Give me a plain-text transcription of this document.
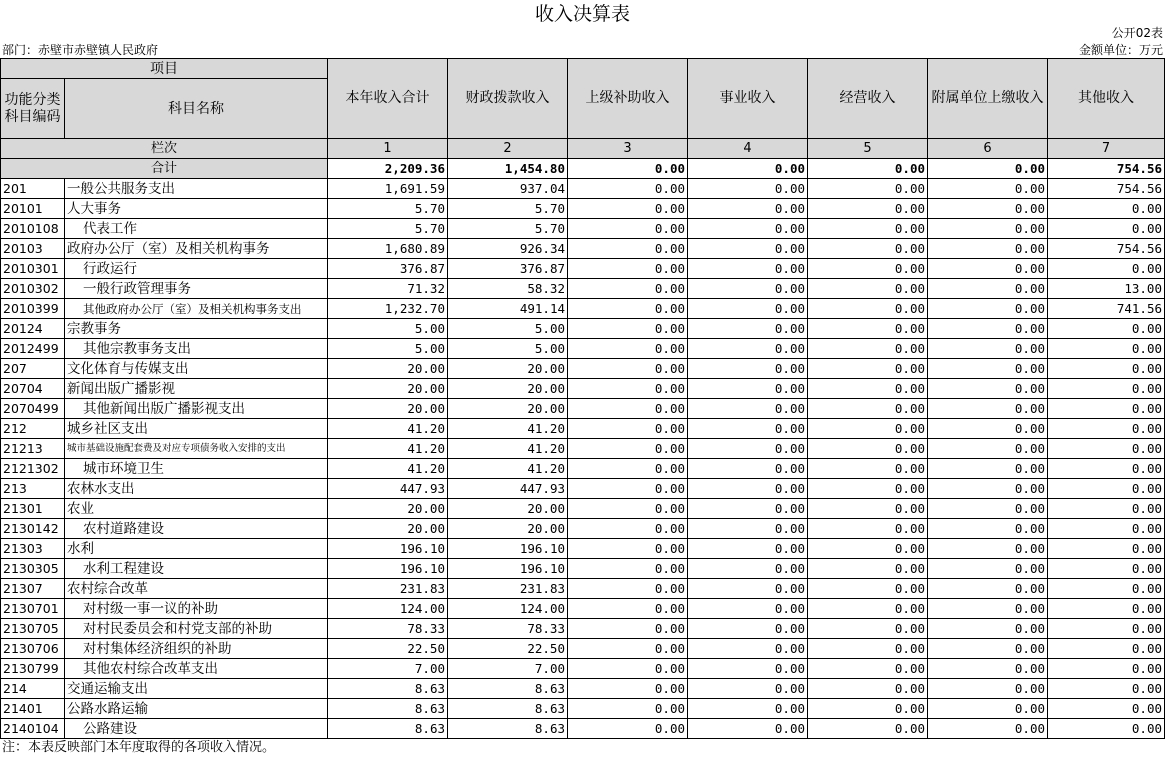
收入决算表
公开02表
部门：赤壁市赤壁镇人民政府	金额单位：万元
项目		本年收入合计	财政拨款收入	上级补助收入	事业收入	经营收入	附属单位上缴收入	其他收入
功能分类科目编码	科目名称							

栏次		1	2	3	4	5	6	7
合计		2,209.36	1,454.80	0.00	0.00	0.00	0.00	754.56
201	一般公共服务支出	1,691.59	937.04	0.00	0.00	0.00	0.00	754.56
20101	人大事务	5.70	5.70	0.00	0.00	0.00	0.00	0.00
2010108	代表工作	5.70	5.70	0.00	0.00	0.00	0.00	0.00
20103	政府办公厅（室）及相关机构事务	1,680.89	926.34	0.00	0.00	0.00	0.00	754.56
2010301	行政运行	376.87	376.87	0.00	0.00	0.00	0.00	0.00
2010302	一般行政管理事务	71.32	58.32	0.00	0.00	0.00	0.00	13.00
2010399	其他政府办公厅（室）及相关机构事务支出	1,232.70	491.14	0.00	0.00	0.00	0.00	741.56
20124	宗教事务	5.00	5.00	0.00	0.00	0.00	0.00	0.00
2012499	其他宗教事务支出	5.00	5.00	0.00	0.00	0.00	0.00	0.00
207	文化体育与传媒支出	20.00	20.00	0.00	0.00	0.00	0.00	0.00
20704	新闻出版广播影视	20.00	20.00	0.00	0.00	0.00	0.00	0.00
2070499	其他新闻出版广播影视支出	20.00	20.00	0.00	0.00	0.00	0.00	0.00
212	城乡社区支出	41.20	41.20	0.00	0.00	0.00	0.00	0.00
21213	城市基础设施配套费及对应专项债务收入安排的支出	41.20	41.20	0.00	0.00	0.00	0.00	0.00
2121302	城市环境卫生	41.20	41.20	0.00	0.00	0.00	0.00	0.00
213	农林水支出	447.93	447.93	0.00	0.00	0.00	0.00	0.00
21301	农业	20.00	20.00	0.00	0.00	0.00	0.00	0.00
2130142	农村道路建设	20.00	20.00	0.00	0.00	0.00	0.00	0.00
21303	水利	196.10	196.10	0.00	0.00	0.00	0.00	0.00
2130305	水利工程建设	196.10	196.10	0.00	0.00	0.00	0.00	0.00
21307	农村综合改革	231.83	231.83	0.00	0.00	0.00	0.00	0.00
2130701	对村级一事一议的补助	124.00	124.00	0.00	0.00	0.00	0.00	0.00
2130705	对村民委员会和村党支部的补助	78.33	78.33	0.00	0.00	0.00	0.00	0.00
2130706	对村集体经济组织的补助	22.50	22.50	0.00	0.00	0.00	0.00	0.00
2130799	其他农村综合改革支出	7.00	7.00	0.00	0.00	0.00	0.00	0.00
214	交通运输支出	8.63	8.63	0.00	0.00	0.00	0.00	0.00
21401	公路水路运输	8.63	8.63	0.00	0.00	0.00	0.00	0.00
2140104	公路建设	8.63	8.63	0.00	0.00	0.00	0.00	0.00
注：本表反映部门本年度取得的各项收入情况。
